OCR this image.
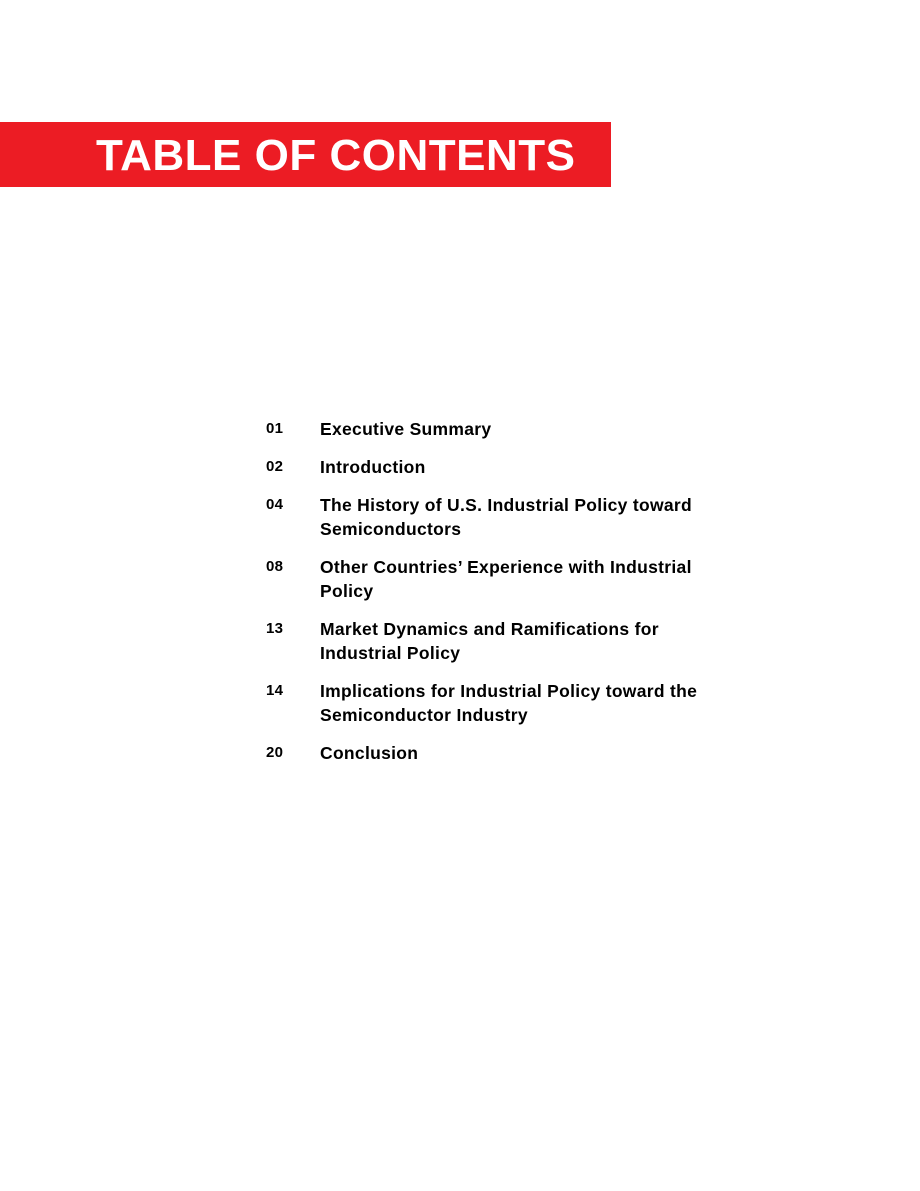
TABLE OF CONTENTS
01	Executive Summary
02	Introduction
04	The History of U.S. Industrial Policy toward Semiconductors
08	Other Countries’ Experience with Industrial Policy
13	Market Dynamics and Ramifications for Industrial Policy
14	Implications for Industrial Policy toward the Semiconductor Industry
20	Conclusion
